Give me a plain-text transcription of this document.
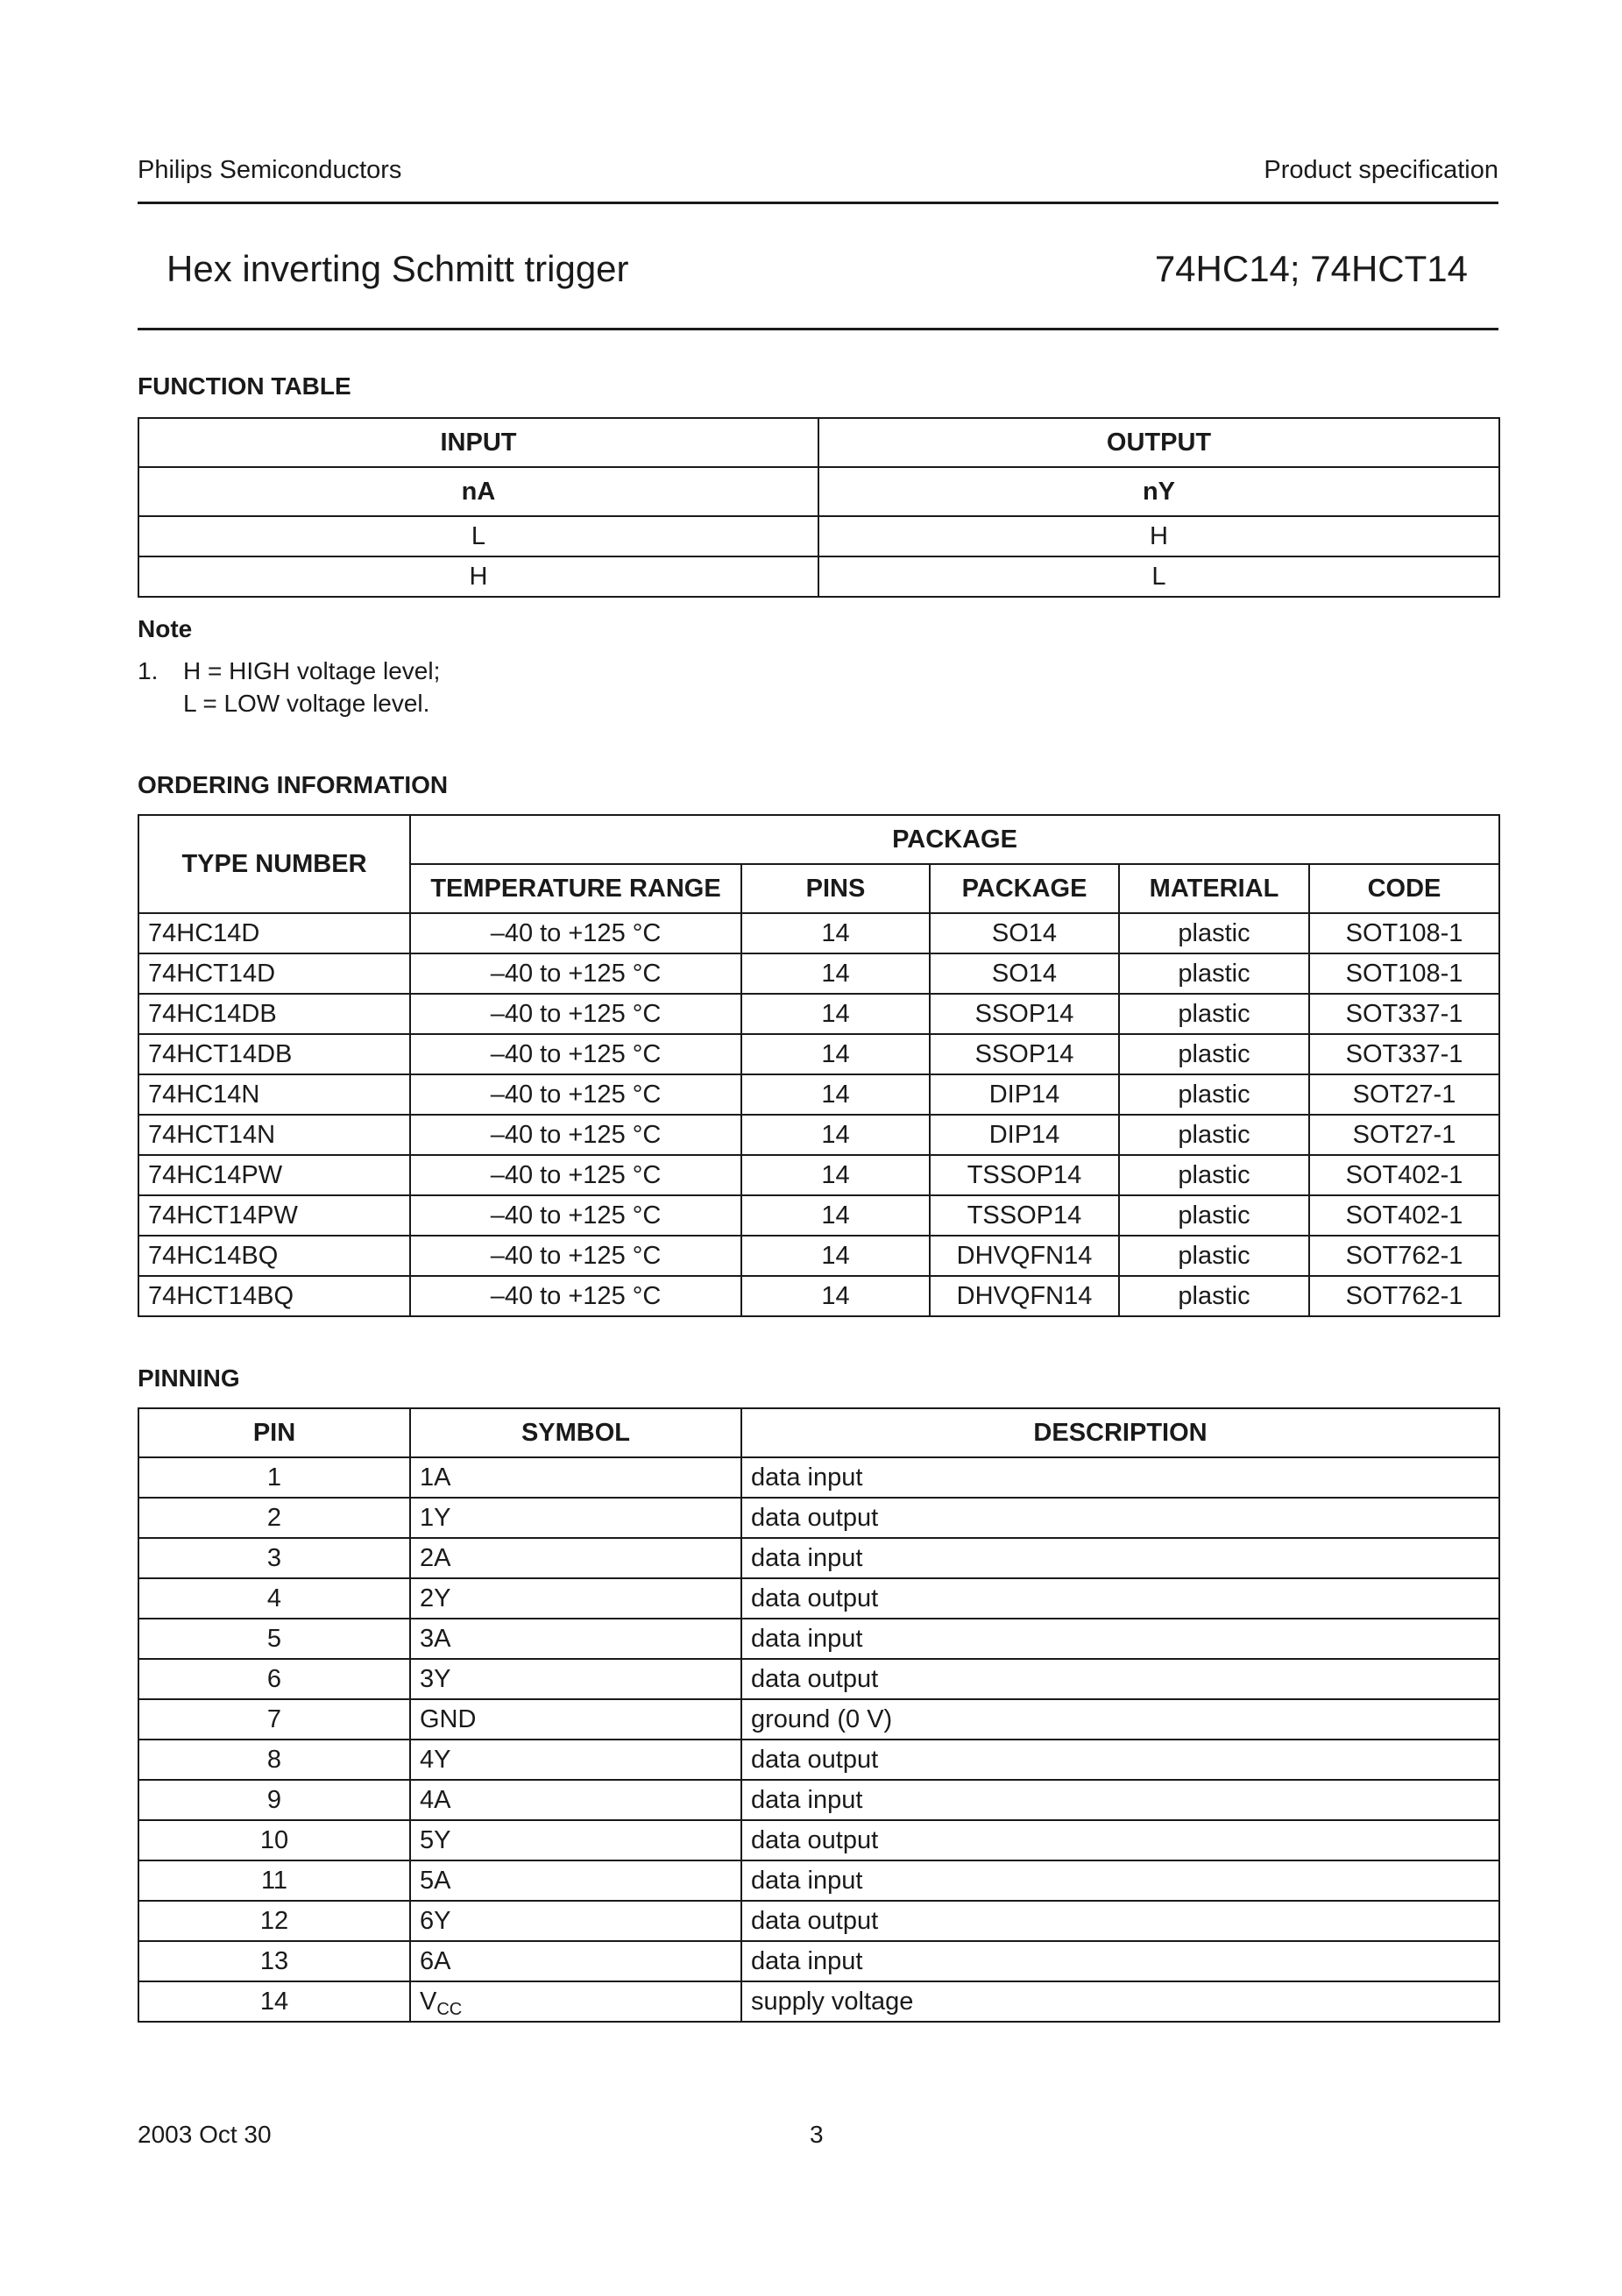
Philips Semiconductors	Product specification
Hex inverting Schmitt trigger	74HC14; 74HCT14
FUNCTION TABLE
INPUT	OUTPUT
nA	nY
L	H
H	L
Note
1. H = HIGH voltage level;
L = LOW voltage level.
ORDERING INFORMATION
TYPE NUMBER	PACKAGE				
	TEMPERATURE RANGE	PINS	PACKAGE	MATERIAL	CODE
74HC14D	–40 to +125 °C	14	SO14	plastic	SOT108-1
74HCT14D	–40 to +125 °C	14	SO14	plastic	SOT108-1
74HC14DB	–40 to +125 °C	14	SSOP14	plastic	SOT337-1
74HCT14DB	–40 to +125 °C	14	SSOP14	plastic	SOT337-1
74HC14N	–40 to +125 °C	14	DIP14	plastic	SOT27-1
74HCT14N	–40 to +125 °C	14	DIP14	plastic	SOT27-1
74HC14PW	–40 to +125 °C	14	TSSOP14	plastic	SOT402-1
74HCT14PW	–40 to +125 °C	14	TSSOP14	plastic	SOT402-1
74HC14BQ	–40 to +125 °C	14	DHVQFN14	plastic	SOT762-1
74HCT14BQ	–40 to +125 °C	14	DHVQFN14	plastic	SOT762-1
PINNING
PIN	SYMBOL	DESCRIPTION
1	1A	data input
2	1Y	data output
3	2A	data input
4	2Y	data output
5	3A	data input
6	3Y	data output
7	GND	ground (0 V)
8	4Y	data output
9	4A	data input
10	5Y	data output
11	5A	data input
12	6Y	data output
13	6A	data input
14	$V_{CC}$	supply voltage
2003 Oct 30	3
